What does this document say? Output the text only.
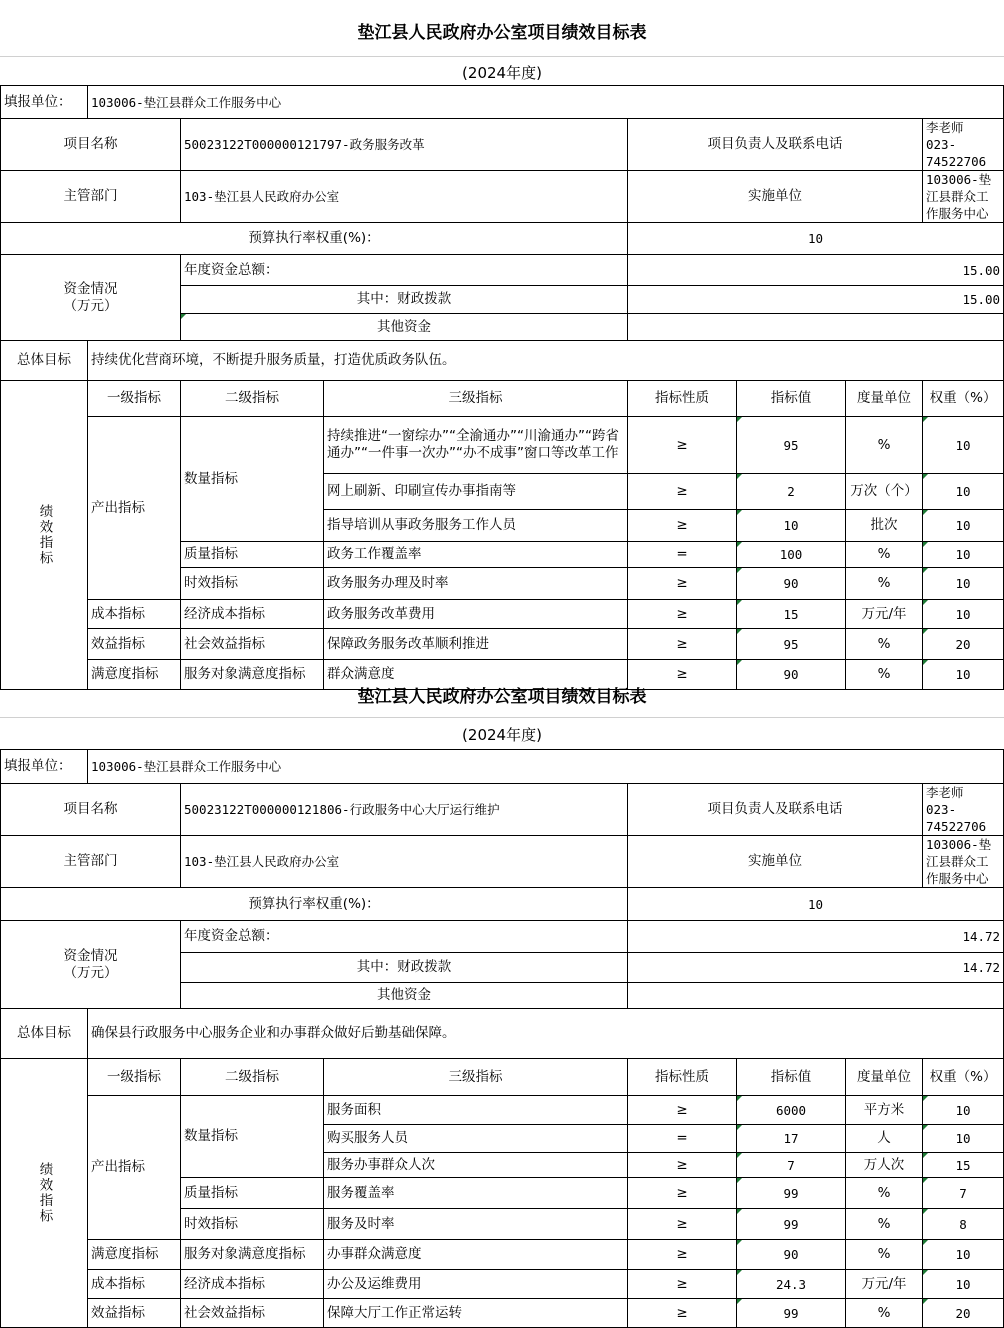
垫江县人民政府办公室项目绩效目标表
(2024年度)
填报单位：	103006-垫江县群众工作服务中心						
项目名称		50023122T000000121797-政务服务改革		项目负责人及联系电话			李老师 023-74522706
主管部门		103-垫江县人民政府办公室		实施单位			103006-垫江县群众工作服务中心
预算执行率权重(%)：				10			

资金情况
（万元）		年度资金总额：		15.00			
		其中：财政拨款		15.00			
		其他资金					
总体目标	持续优化营商环境，不断提升服务质量，打造优质政务队伍。						

绩效指标	一级指标	二级指标	三级指标	指标性质	指标值	度量单位	权重（%）
	产出指标	数量指标	持续推进“一窗综办”“全渝通办”“川渝通办”“跨省通办”“一件事一次办”“办不成事”窗口等改革工作	≥	95	%	10
			网上刷新、印刷宣传办事指南等	≥	2	万次（个）	10
			指导培训从事政务服务工作人员	≥	10	批次	10
		质量指标	政务工作覆盖率	=	100	%	10
		时效指标	政务服务办理及时率	≥	90	%	10
	成本指标	经济成本指标	政务服务改革费用	≥	15	万元/年	10
	效益指标	社会效益指标	保障政务服务改革顺利推进	≥	95	%	20
	满意度指标	服务对象满意度指标	群众满意度	≥	90	%	10
垫江县人民政府办公室项目绩效目标表
(2024年度)
填报单位：	103006-垫江县群众工作服务中心						
项目名称		50023122T000000121806-行政服务中心大厅运行维护		项目负责人及联系电话			李老师 023-74522706
主管部门		103-垫江县人民政府办公室		实施单位			103006-垫江县群众工作服务中心
预算执行率权重(%)：				10			

资金情况
（万元）		年度资金总额：		14.72			
		其中：财政拨款		14.72			
		其他资金					
总体目标	确保县行政服务中心服务企业和办事群众做好后勤基础保障。						

绩效指标	一级指标	二级指标	三级指标	指标性质	指标值	度量单位	权重（%）
	产出指标	数量指标	服务面积	≥	6000	平方米	10
			购买服务人员	=	17	人	10
			服务办事群众人次	≥	7	万人次	15
		质量指标	服务覆盖率	≥	99	%	7
		时效指标	服务及时率	≥	99	%	8
	满意度指标	服务对象满意度指标	办事群众满意度	≥	90	%	10
	成本指标	经济成本指标	办公及运维费用	≥	24.3	万元/年	10
	效益指标	社会效益指标	保障大厅工作正常运转	≥	99	%	20
